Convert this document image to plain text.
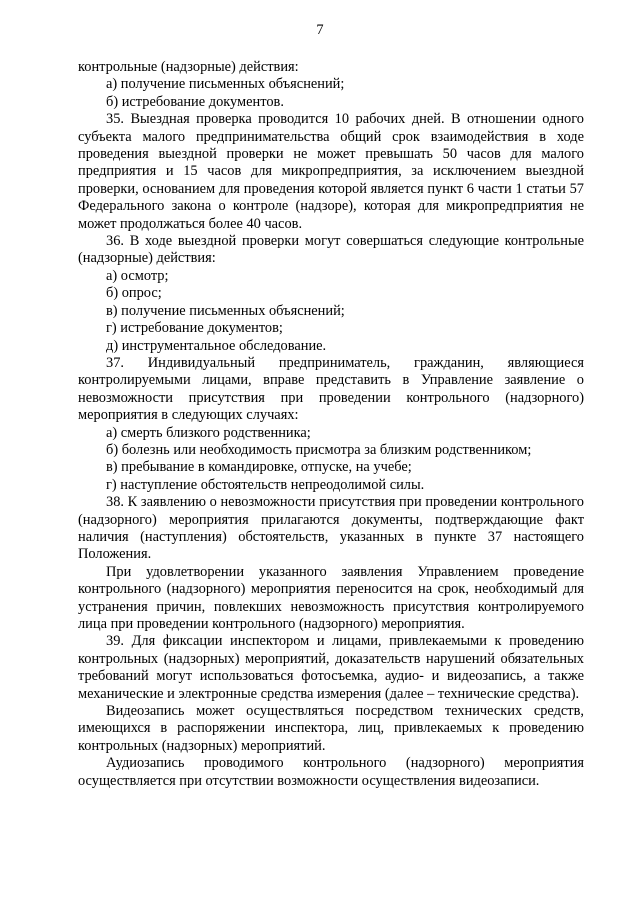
7

контрольные (надзорные) действия:

а) получение письменных объяснений;

б) истребование документов.

35. Выездная проверка проводится 10 рабочих дней. В отношении одного субъекта малого предпринимательства общий срок взаимодействия в ходе проведения выездной проверки не может превышать 50 часов для малого предприятия и 15 часов для микропредприятия, за исключением выездной проверки, основанием для проведения которой является пункт 6 части 1 статьи 57 Федерального закона о контроле (надзоре), которая для микропредприятия не может продолжаться более 40 часов.

36. В ходе выездной проверки могут совершаться следующие контрольные (надзорные) действия:

а) осмотр;

б) опрос;

в) получение письменных объяснений;

г) истребование документов;

д) инструментальное обследование.

37. Индивидуальный предприниматель, гражданин, являющиеся контролируемыми лицами, вправе представить в Управление заявление о невозможности присутствия при проведении контрольного (надзорного) мероприятия в следующих случаях:

а) смерть близкого родственника;

б) болезнь или необходимость присмотра за близким родственником;

в) пребывание в командировке, отпуске, на учебе;

г) наступление обстоятельств непреодолимой силы.

38. К заявлению о невозможности присутствия при проведении контрольного (надзорного) мероприятия прилагаются документы, подтверждающие факт наличия (наступления) обстоятельств, указанных в пункте 37 настоящего Положения.

При удовлетворении указанного заявления Управлением проведение контрольного (надзорного) мероприятия переносится на срок, необходимый для устранения причин, повлекших невозможность присутствия контролируемого лица при проведении контрольного (надзорного) мероприятия.

39. Для фиксации инспектором и лицами, привлекаемыми к проведению контрольных (надзорных) мероприятий, доказательств нарушений обязательных требований могут использоваться фотосъемка, аудио- и видеозапись, а также механические и электронные средства измерения (далее – технические средства).

Видеозапись может осуществляться посредством технических средств, имеющихся в распоряжении инспектора, лиц, привлекаемых к проведению контрольных (надзорных) мероприятий.

Аудиозапись проводимого контрольного (надзорного) мероприятия осуществляется при отсутствии возможности осуществления видеозаписи.
